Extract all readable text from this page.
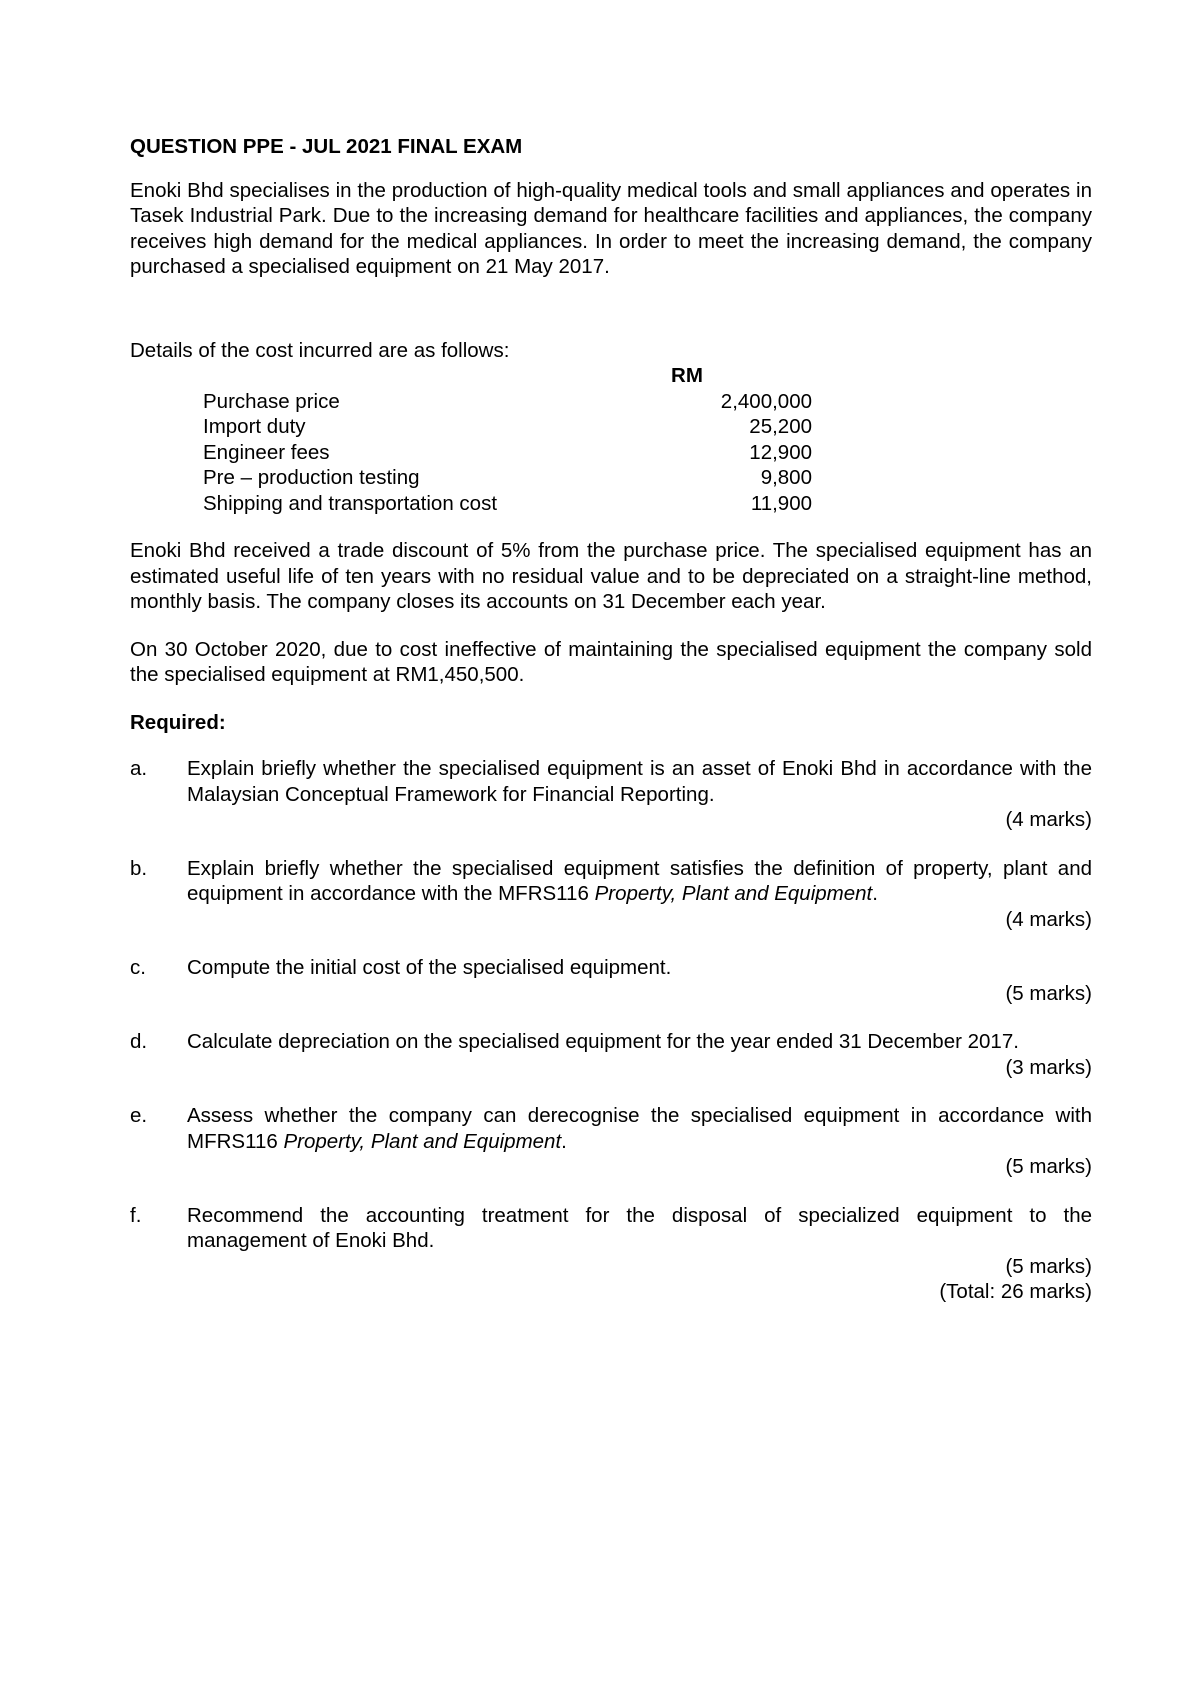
QUESTION PPE - JUL 2021 FINAL EXAM

Enoki Bhd specialises in the production of high-quality medical tools and small appliances and operates in Tasek Industrial Park. Due to the increasing demand for healthcare facilities and appliances, the company receives high demand for the medical appliances. In order to meet the increasing demand, the company purchased a specialised equipment on 21 May 2017.

Details of the cost incurred are as follows:

RM
Purchase price	2,400,000
Import duty	25,200
Engineer fees	12,900
Pre – production testing	9,800
Shipping and transportation cost	11,900

Enoki Bhd received a trade discount of 5% from the purchase price. The specialised equipment has an estimated useful life of ten years with no residual value and to be depreciated on a straight-line method, monthly basis. The company closes its accounts on 31 December each year.

On 30 October 2020, due to cost ineffective of maintaining the specialised equipment the company sold the specialised equipment at RM1,450,500.

Required:

a.	Explain briefly whether the specialised equipment is an asset of Enoki Bhd in accordance with the Malaysian Conceptual Framework for Financial Reporting.

(4 marks)

b.	Explain briefly whether the specialised equipment satisfies the definition of property, plant and equipment in accordance with the MFRS116 Property, Plant and Equipment.

(4 marks)

c.	Compute the initial cost of the specialised equipment.

(5 marks)

d.	Calculate depreciation on the specialised equipment for the year ended 31 December 2017.

(3 marks)

e.	Assess whether the company can derecognise the specialised equipment in accordance with MFRS116 Property, Plant and Equipment.

(5 marks)

f.	Recommend the accounting treatment for the disposal of specialized equipment to the management of Enoki Bhd.

(5 marks)

(Total: 26 marks)
